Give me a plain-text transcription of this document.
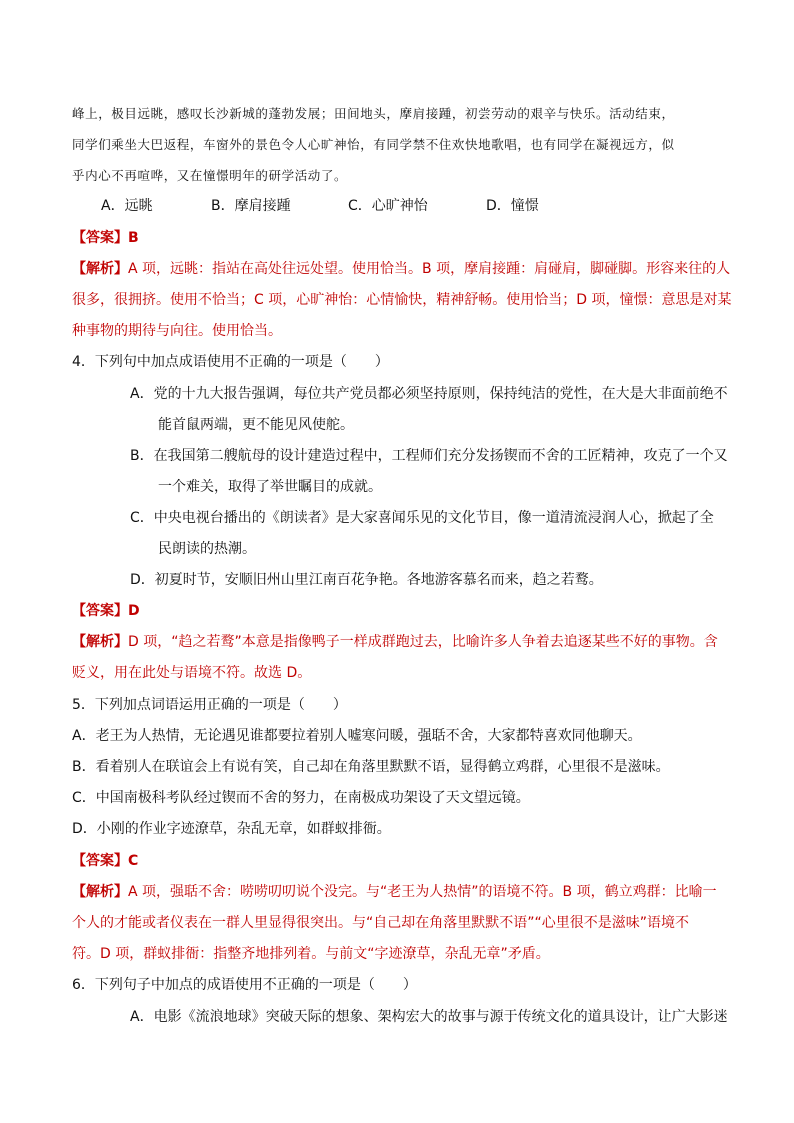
峰上，极目远眺，感叹长沙新城的蓬勃发展；田间地头，摩肩接踵，初尝劳动的艰辛与快乐。活动结束，
同学们乘坐大巴返程，车窗外的景色令人心旷神怡，有同学禁不住欢快地歌唱，也有同学在凝视远方，似
乎内心不再喧哗，又在憧憬明年的研学活动了。
A．远眺	B．摩肩接踵	C．心旷神怡	D．憧憬
【答案】B
【解析】A 项，远眺：指站在高处往远处望。使用恰当。B 项，摩肩接踵：肩碰肩，脚碰脚。形容来往的人
很多，很拥挤。使用不恰当；C 项，心旷神怡：心情愉快，精神舒畅。使用恰当；D 项，憧憬：意思是对某
种事物的期待与向往。使用恰当。
4．下列句中加点成语使用不正确的一项是（　　）
A．党的十九大报告强调，每位共产党员都必须坚持原则，保持纯洁的党性，在大是大非面前绝不
能首鼠两端，更不能见风使舵。
B．在我国第二艘航母的设计建造过程中，工程师们充分发扬锲而不舍的工匠精神，攻克了一个又
一个难关，取得了举世瞩目的成就。
C．中央电视台播出的《朗读者》是大家喜闻乐见的文化节目，像一道清流浸润人心，掀起了全
民朗读的热潮。
D．初夏时节，安顺旧州山里江南百花争艳。各地游客慕名而来，趋之若鹜。
【答案】D
【解析】D 项，“趋之若鹜”本意是指像鸭子一样成群跑过去，比喻许多人争着去追逐某些不好的事物。含
贬义，用在此处与语境不符。故选 D。
5．下列加点词语运用正确的一项是（　　）
A．老王为人热情，无论遇见谁都要拉着别人嘘寒问暖，强聒不舍，大家都特喜欢同他聊天。
B．看着别人在联谊会上有说有笑，自己却在角落里默默不语，显得鹤立鸡群，心里很不是滋味。
C．中国南极科考队经过锲而不舍的努力，在南极成功架设了天文望远镜。
D．小刚的作业字迹潦草，杂乱无章，如群蚁排衙。
【答案】C
【解析】A 项，强聒不舍：唠唠叨叨说个没完。与“老王为人热情”的语境不符。B 项，鹤立鸡群：比喻一
个人的才能或者仪表在一群人里显得很突出。与“自己却在角落里默默不语”“心里很不是滋味”语境不
符。D 项，群蚁排衙：指整齐地排列着。与前文“字迹潦草，杂乱无章”矛盾。
6．下列句子中加点的成语使用不正确的一项是（　　）
A．电影《流浪地球》突破天际的想象、架构宏大的故事与源于传统文化的道具设计，让广大影迷
